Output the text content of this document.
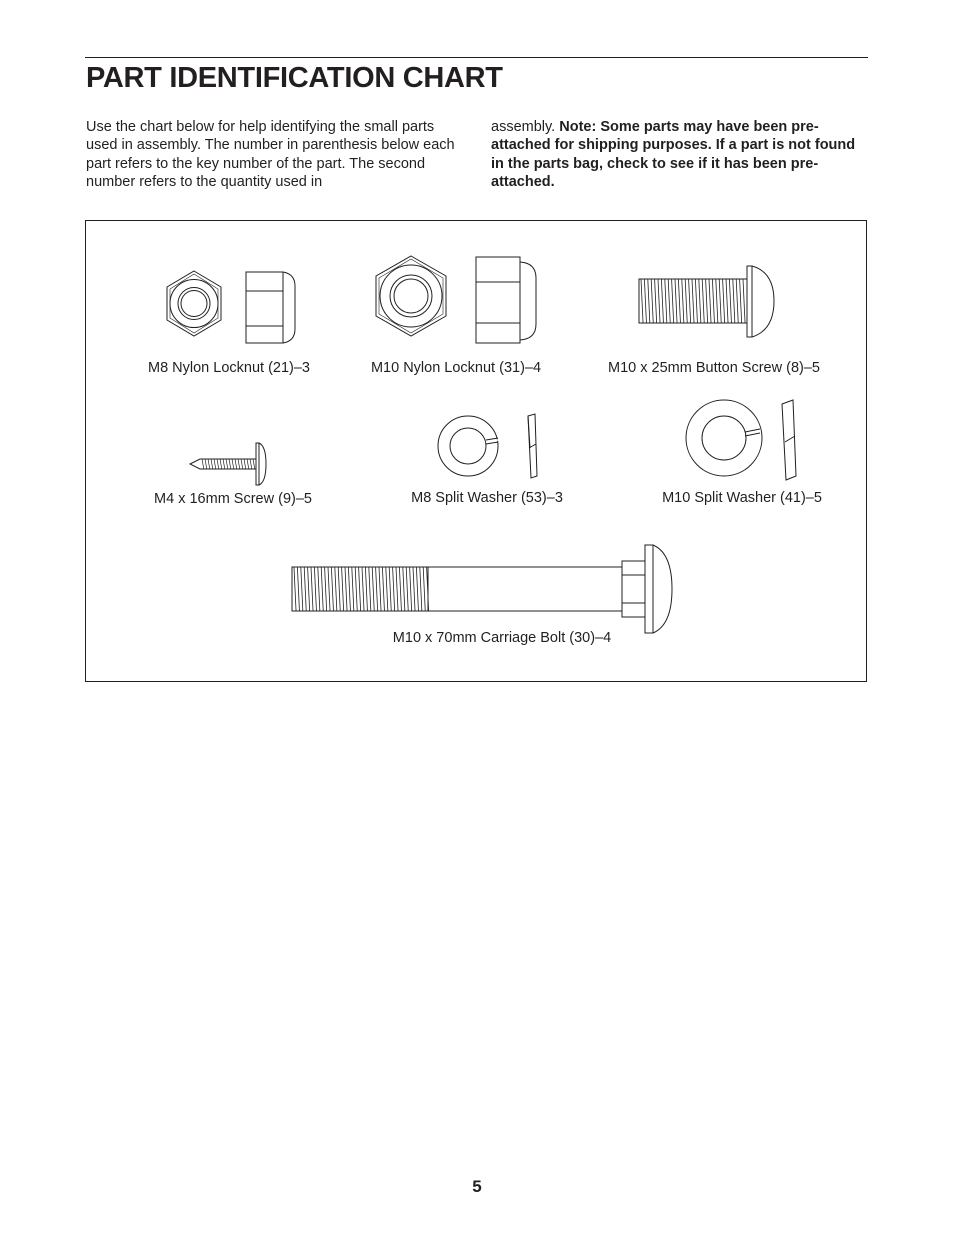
PART IDENTIFICATION CHART

Use the chart below for help identifying the small parts used in assembly. The number in parenthesis below each part refers to the key number of the part. The second number refers to the quantity used in

assembly. Note: Some parts may have been pre-attached for shipping purposes. If a part is not found in the parts bag, check to see if it has been pre-attached.

M8 Nylon Locknut (21)–3	M10 Nylon Locknut (31)–4	M10 x 25mm Button Screw (8)–5
M4 x 16mm Screw (9)–5	M8 Split Washer (53)–3	M10 Split Washer (41)–5
M10 x 70mm Carriage Bolt (30)–4
5
